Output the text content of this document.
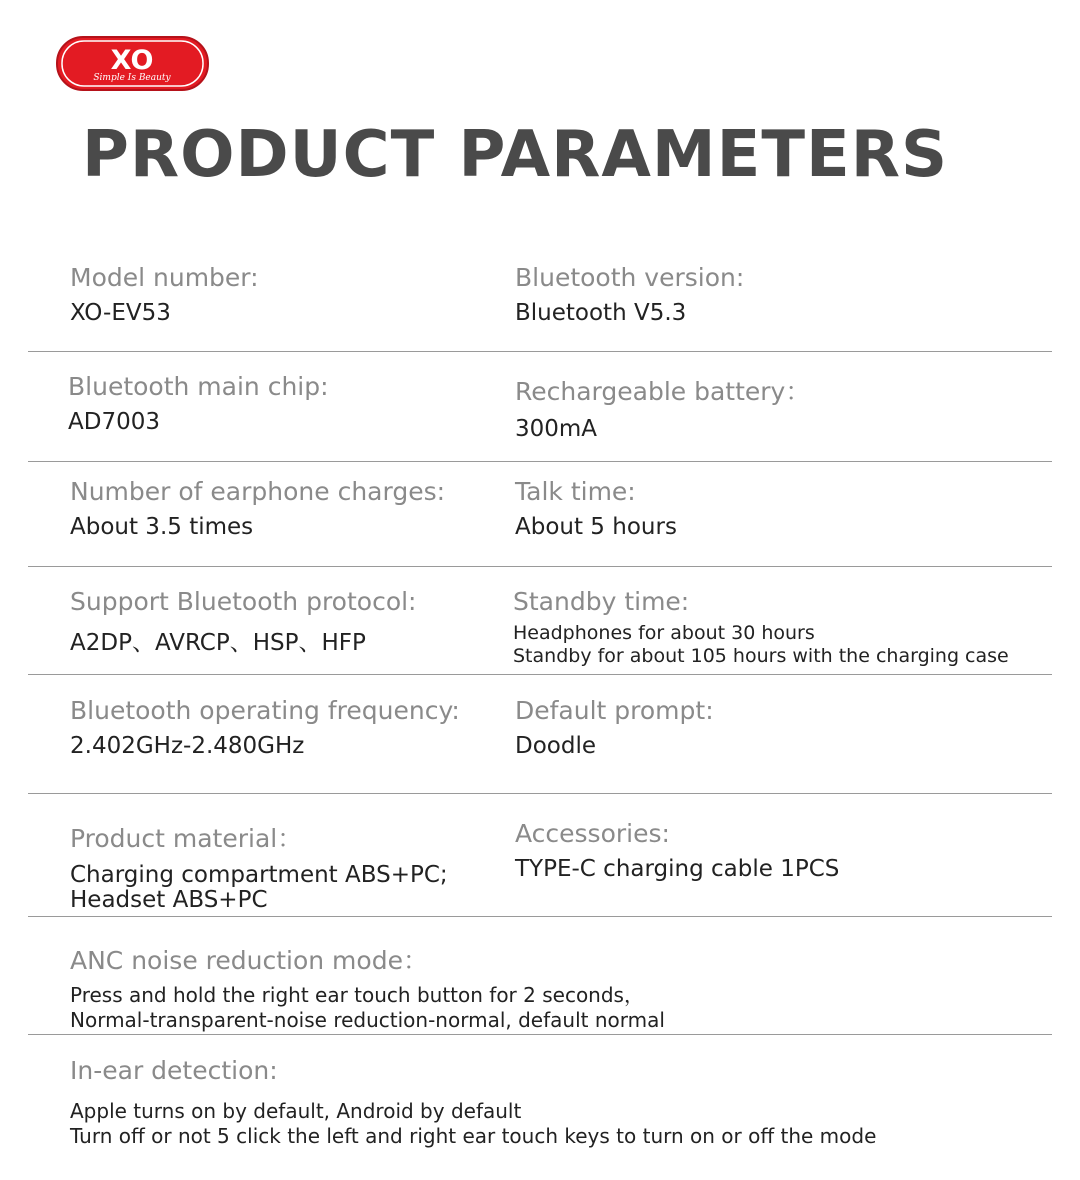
XO
Simple Is Beauty
PRODUCT PARAMETERS
Model number:
XO-EV53
Bluetooth version:
Bluetooth V5.3
Bluetooth main chip:
AD7003
Rechargeable battery：
300mA
Number of earphone charges:
About 3.5 times
Talk time:
About 5 hours
Support Bluetooth protocol:
A2DP、AVRCP、HSP、HFP
Standby time:
Headphones for about 30 hours
Standby for about 105 hours with the charging case
Bluetooth operating frequency:
2.402GHz-2.480GHz
Default prompt:
Doodle
Product material：
Charging compartment ABS+PC;
Headset ABS+PC
Accessories:
TYPE-C charging cable 1PCS
ANC noise reduction mode：
Press and hold the right ear touch button for 2 seconds，
Normal-transparent-noise reduction-normal, default normal
In-ear detection:
Apple turns on by default, Android by default
Turn off or not 5 click the left and right ear touch keys to turn on or off the mode
